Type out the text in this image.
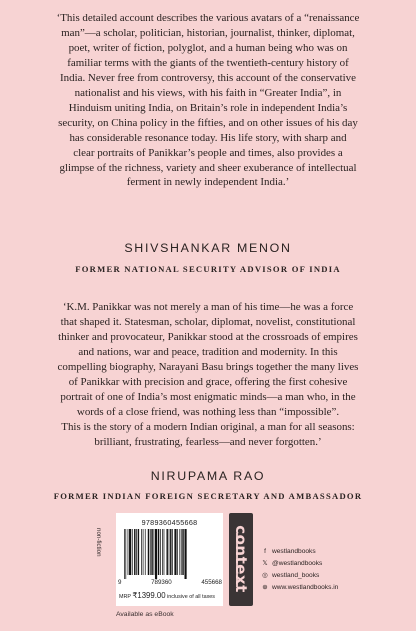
‘This detailed account describes the various avatars of a “renaissance
man”—a scholar, politician, historian, journalist, thinker, diplomat,
poet, writer of fiction, polyglot, and a human being who was on
familiar terms with the giants of the twentieth-century history of
India. Never free from controversy, this account of the conservative
nationalist and his views, with his faith in “Greater India”, in
Hinduism uniting India, on Britain’s role in independent India’s
security, on China policy in the fifties, and on other issues of his day
has considerable resonance today. His life story, with sharp and
clear portraits of Panikkar’s people and times, also provides a
glimpse of the richness, variety and sheer exuberance of intellectual
ferment in newly independent India.’

SHIVSHANKAR MENON
FORMER NATIONAL SECURITY ADVISOR OF INDIA

‘K.M. Panikkar was not merely a man of his time—he was a force
that shaped it. Statesman, scholar, diplomat, novelist, constitutional
thinker and provocateur, Panikkar stood at the crossroads of empires
and nations, war and peace, tradition and modernity. In this
compelling biography, Narayani Basu brings together the many lives
of Panikkar with precision and grace, offering the first cohesive
portrait of one of India’s most enigmatic minds—a man who, in the
words of a close friend, was nothing less than “impossible”.
This is the story of a modern Indian original, a man for all seasons:
brilliant, frustrating, fearless—and never forgotten.’

NIRUPAMA RAO
FORMER INDIAN FOREIGN SECRETARY AND AMBASSADOR
non-fiction
9789360455668
9	789360	455668
MRP ₹1399.00 inclusive of all taxes
Available as eBook
context	f westlandbooks
𝕏 @westlandbooks
◎ westland_books
⊕ www.westlandbooks.in
